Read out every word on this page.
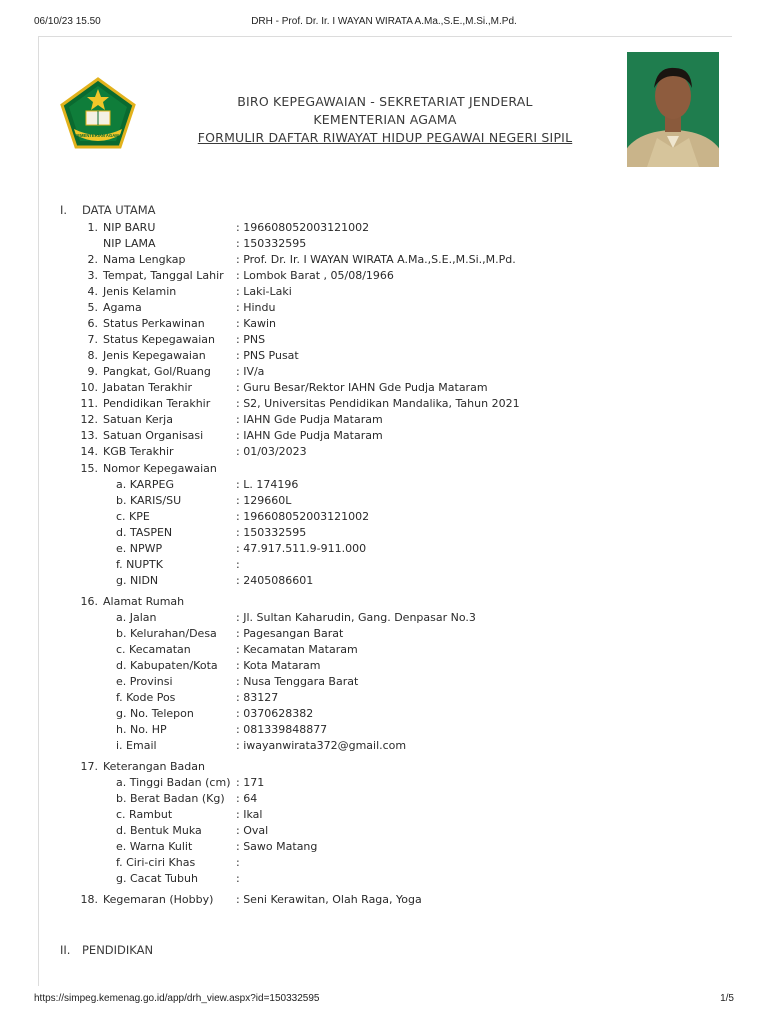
06/10/23 15.50	DRH - Prof. Dr. Ir. I WAYAN WIRATA A.Ma.,S.E.,M.Si.,M.Pd.
KEMENTERIAN AGAMA
BIRO KEPEGAWAIAN - SEKRETARIAT JENDERAL
KEMENTERIAN AGAMA
FORMULIR DAFTAR RIWAYAT HIDUP PEGAWAI NEGERI SIPIL
I. DATA UTAMA
1. NIP BARU	: 196608052003121002
NIP LAMA	: 150332595
2. Nama Lengkap	: Prof. Dr. Ir. I WAYAN WIRATA A.Ma.,S.E.,M.Si.,M.Pd.
3. Tempat, Tanggal Lahir : Lombok Barat , 05/08/1966
4. Jenis Kelamin	: Laki-Laki
5. Agama	: Hindu
6. Status Perkawinan	: Kawin
7. Status Kepegawaian : PNS
8. Jenis Kepegawaian	: PNS Pusat
9. Pangkat, Gol/Ruang : IV/a
10. Jabatan Terakhir	: Guru Besar/Rektor IAHN Gde Pudja Mataram
11. Pendidikan Terakhir : S2, Universitas Pendidikan Mandalika, Tahun 2021
12. Satuan Kerja	: IAHN Gde Pudja Mataram
13. Satuan Organisasi	: IAHN Gde Pudja Mataram
14. KGB Terakhir	: 01/03/2023
15. Nomor Kepegawaian
a. KARPEG	: L. 174196
b. KARIS/SU	: 129660L
c. KPE	: 196608052003121002
d. TASPEN	: 150332595
e. NPWP	: 47.917.511.9-911.000
f. NUPTK	:
g. NIDN	: 2405086601
16. Alamat Rumah
a. Jalan	: Jl. Sultan Kaharudin, Gang. Denpasar No.3
b. Kelurahan/Desa : Pagesangan Barat
c. Kecamatan	: Kecamatan Mataram
d. Kabupaten/Kota : Kota Mataram
e. Provinsi	: Nusa Tenggara Barat
f. Kode Pos	: 83127
g. No. Telepon	: 0370628382
h. No. HP	: 081339848877
i. Email	: iwayanwirata372@gmail.com
17. Keterangan Badan
a. Tinggi Badan (cm) : 171
b. Berat Badan (Kg) : 64
c. Rambut	: Ikal
d. Bentuk Muka	: Oval
e. Warna Kulit	: Sawo Matang
f. Ciri-ciri Khas	:
g. Cacat Tubuh	:
18. Kegemaran (Hobby) : Seni Kerawitan, Olah Raga, Yoga
II. PENDIDIKAN
https://simpeg.kemenag.go.id/app/drh_view.aspx?id=150332595	1/5
